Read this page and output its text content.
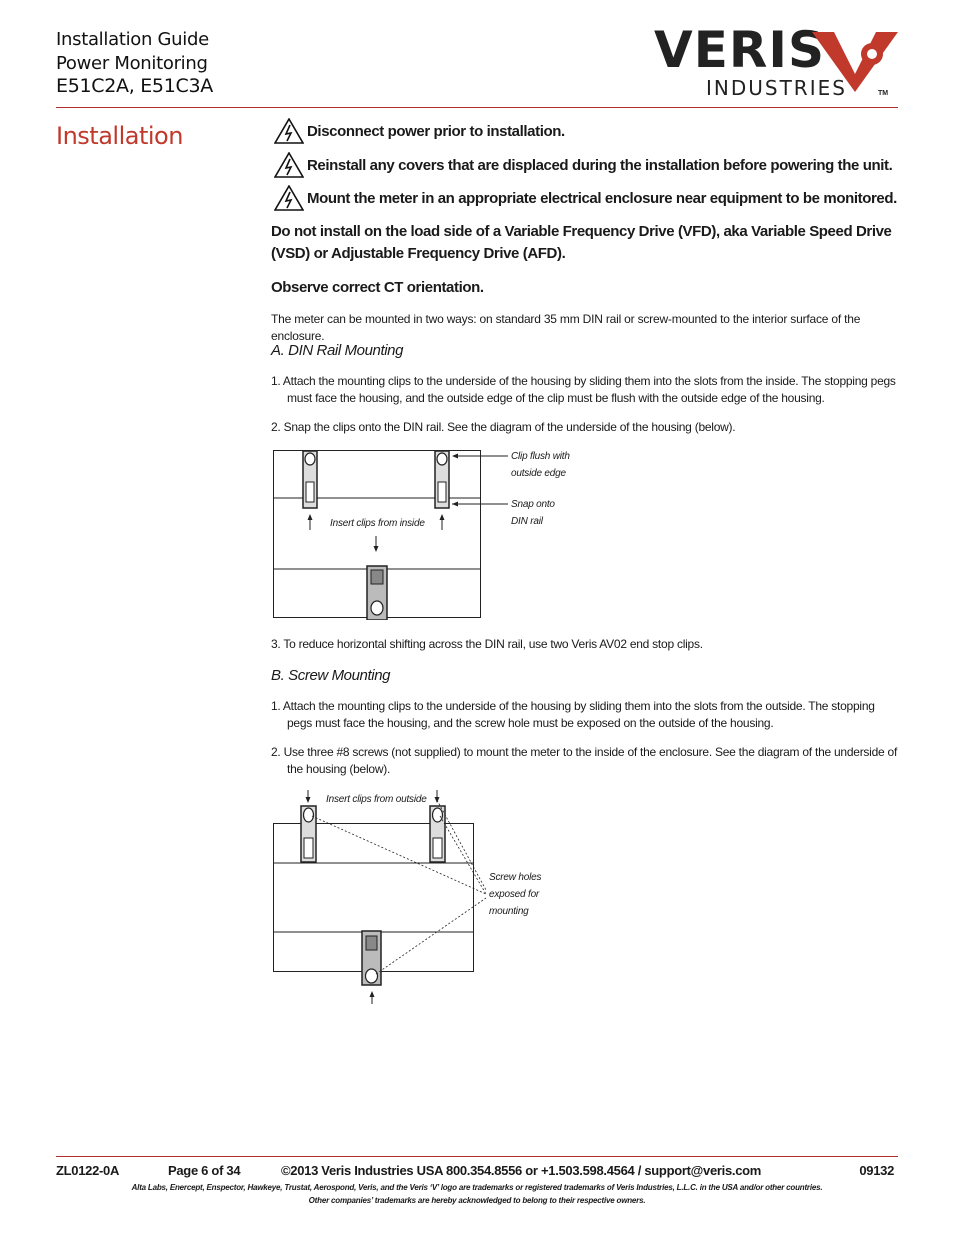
Installation Guide
Power Monitoring
E51C2A, E51C3A
VERIS
INDUSTRIES	TM
Installation	Disconnect power prior to installation.
Reinstall any covers that are displaced during the installation before powering the unit.
Mount the meter in an appropriate electrical enclosure near equipment to be monitored.
Do not install on the load side of a Variable Frequency Drive (VFD), aka Variable Speed Drive (VSD) or Adjustable Frequency Drive (AFD).
Observe correct CT orientation.
The meter can be mounted in two ways: on standard 35 mm DIN rail or screw-mounted to the interior surface of the enclosure.
A. DIN Rail Mounting
1. Attach the mounting clips to the underside of the housing by sliding them into the slots from the inside. The stopping pegs must face the housing, and the outside edge of the clip must be flush with the outside edge of the housing.
2. Snap the clips onto the DIN rail. See the diagram of the underside of the housing (below).
Clip flush with
outside edge
Snap onto
DIN rail
Insert clips from inside
3. To reduce horizontal shifting across the DIN rail, use two Veris AV02 end stop clips.
B. Screw Mounting
1. Attach the mounting clips to the underside of the housing by sliding them into the slots from the outside. The stopping pegs must face the housing, and the screw hole must be exposed on the outside of the housing.
2. Use three #8 screws (not supplied) to mount the meter to the inside of the enclosure. See the diagram of the underside of the housing (below).
Insert clips from outside
Screw holes
exposed for
mounting
ZL0122-0A	Page 6 of 34	©2013 Veris Industries USA 800.354.8556 or +1.503.598.4564 / support@veris.com	09132
Alta Labs, Enercept, Enspector, Hawkeye, Trustat, Aerospond, Veris, and the Veris ‘V’ logo are trademarks or registered trademarks of Veris Industries, L.L.C. in the USA and/or other countries.
Other companies’ trademarks are hereby acknowledged to belong to their respective owners.
